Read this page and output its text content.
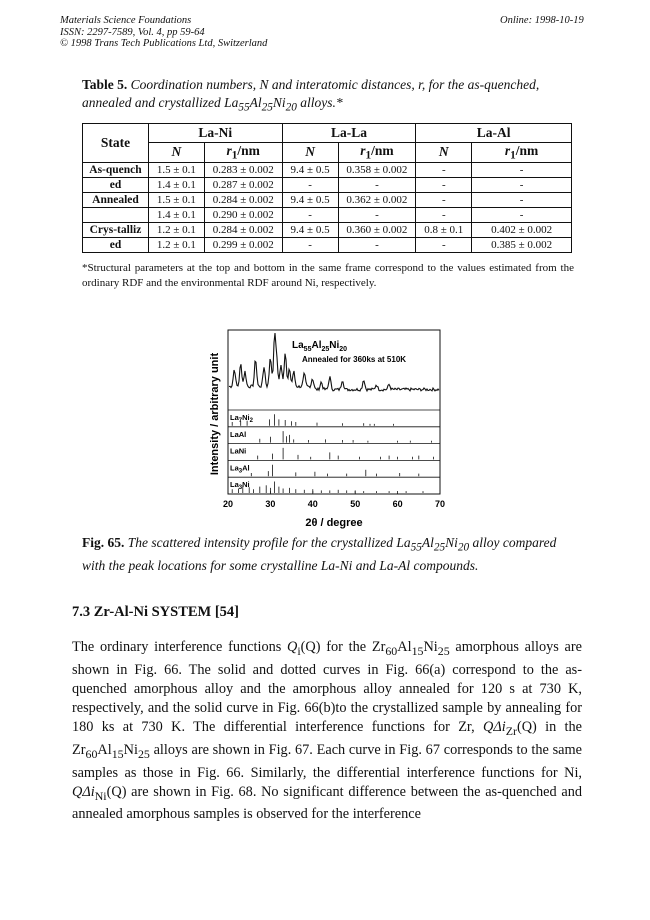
Materials Science Foundations
ISSN: 2297-7589, Vol. 4, pp 59-64
© 1998 Trans Tech Publications Ltd, Switzerland
Online: 1998-10-19
Table 5. Coordination numbers, N and interatomic distances, r, for the as-quenched, annealed and crystallized $La_{55}Al_{25}Ni_{20}$ alloys.*
State	La-Ni		La-La		La-Al	
	N	$r_1/nm$	N	$r_1/nm$	N	$r_1/nm$
As-quench	1.5 ± 0.1	0.283 ± 0.002	9.4 ± 0.5	0.358 ± 0.002	-	-
ed	1.4 ± 0.1	0.287 ± 0.002	-	-	-	-
Annealed	1.5 ± 0.1	0.284 ± 0.002	9.4 ± 0.5	0.362 ± 0.002	-	-
	1.4 ± 0.1	0.290 ± 0.002	-	-	-	-
Crys-talliz	1.2 ± 0.1	0.284 ± 0.002	9.4 ± 0.5	0.360 ± 0.002	0.8 ± 0.1	0.402 ± 0.002
ed	1.2 ± 0.1	0.299 ± 0.002	-	-	-	0.385 ± 0.002
*Structural parameters at the top and bottom in the same frame correspond to the values estimated from the ordinary RDF and the environmental RDF around Ni, respectively.
$La_7Ni_2$
LaAl
LaNi
$La_3Al$
$La_3Ni$
20	30	40	50	60	70
$La_{55}Al_{25}Ni_{20}$
Annealed for 360ks at 510K
Intensity / arbitrary unit
2θ / degree
Fig. 65. The scattered intensity profile for the crystallized $La_{55}Al_{25}Ni_{20}$ alloy compared with the peak locations for some crystalline La-Ni and La-Al compounds.
7.3 Zr-Al-Ni SYSTEM [54]
The ordinary interference functions $Q_i(Q)$ for the $Zr_{60}Al_{15}Ni_{25}$ amorphous alloys are shown in Fig. 66. The solid and dotted curves in Fig. 66(a) correspond to the as-quenched amorphous alloy and the amorphous alloy annealed for 120 s at 730 K, respectively, and the solid curve in Fig. 66(b)to the crystallized sample by annealing for 180 ks at 730 K. The differential interference functions for Zr, QΔi$_{Zr}$(Q) in the $Zr_{60}Al_{15}Ni_{25}$ alloys are shown in Fig. 67. Each curve in Fig. 67 corresponds to the same samples as those in Fig. 66. Similarly, the differential interference functions for Ni, QΔi$_{Ni}$(Q) are shown in Fig. 68. No significant difference between the as-quenched and annealed amorphous samples is observed for the interference
